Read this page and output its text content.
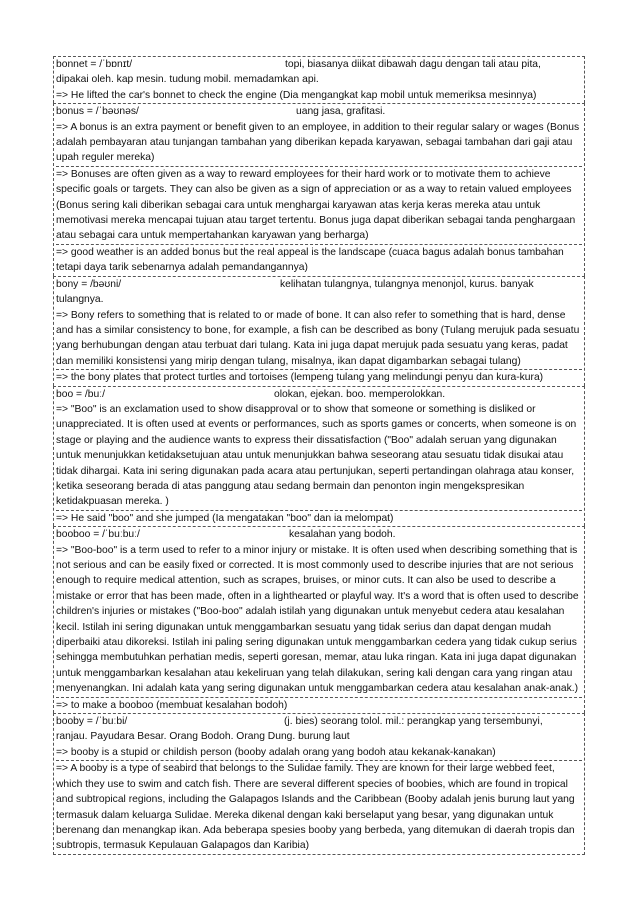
bonnet = /ˈbɒnɪt/	topi, biasanya diikat dibawah dagu dengan tali atau pita,
dipakai oleh. kap mesin. tudung mobil. memadamkan api.
=> He lifted the car's bonnet to check the engine (Dia mengangkat kap mobil untuk memeriksa mesinnya)
bonus = /ˈbəʊnəs/	uang jasa, grafitasi.
=> A bonus is an extra payment or benefit given to an employee, in addition to their regular salary or wages (Bonus adalah pembayaran atau tunjangan tambahan yang diberikan kepada karyawan, sebagai tambahan dari gaji atau upah reguler mereka)
=> Bonuses are often given as a way to reward employees for their hard work or to motivate them to achieve specific goals or targets. They can also be given as a sign of appreciation or as a way to retain valued employees (Bonus sering kali diberikan sebagai cara untuk menghargai karyawan atas kerja keras mereka atau untuk memotivasi mereka mencapai tujuan atau target tertentu. Bonus juga dapat diberikan sebagai tanda penghargaan atau sebagai cara untuk mempertahankan karyawan yang berharga)
=> good weather is an added bonus but the real appeal is the landscape (cuaca bagus adalah bonus tambahan tetapi daya tarik sebenarnya adalah pemandangannya)
bony = /bəʊni/	kelihatan tulangnya, tulangnya menonjol, kurus. banyak
tulangnya.
=> Bony refers to something that is related to or made of bone. It can also refer to something that is hard, dense and has a similar consistency to bone, for example, a fish can be described as bony (Tulang merujuk pada sesuatu yang berhubungan dengan atau terbuat dari tulang. Kata ini juga dapat merujuk pada sesuatu yang keras, padat dan memiliki konsistensi yang mirip dengan tulang, misalnya, ikan dapat digambarkan sebagai tulang)
=> the bony plates that protect turtles and tortoises (lempeng tulang yang melindungi penyu dan kura-kura)
boo = /buː/	olokan, ejekan. boo. memperolokkan.
=> "Boo" is an exclamation used to show disapproval or to show that someone or something is disliked or unappreciated. It is often used at events or performances, such as sports games or concerts, when someone is on stage or playing and the audience wants to express their dissatisfaction ("Boo" adalah seruan yang digunakan untuk menunjukkan ketidaksetujuan atau untuk menunjukkan bahwa seseorang atau sesuatu tidak disukai atau tidak dihargai. Kata ini sering digunakan pada acara atau pertunjukan, seperti pertandingan olahraga atau konser, ketika seseorang berada di atas panggung atau sedang bermain dan penonton ingin mengekspresikan ketidakpuasan mereka. )
=> He said "boo" and she jumped (Ia mengatakan "boo" dan ia melompat)
booboo = /ˈbuːbuː/	kesalahan yang bodoh.
=> "Boo-boo" is a term used to refer to a minor injury or mistake. It is often used when describing something that is not serious and can be easily fixed or corrected. It is most commonly used to describe injuries that are not serious enough to require medical attention, such as scrapes, bruises, or minor cuts. It can also be used to describe a mistake or error that has been made, often in a lighthearted or playful way. It's a word that is often used to describe children's injuries or mistakes ("Boo-boo" adalah istilah yang digunakan untuk menyebut cedera atau kesalahan kecil. Istilah ini sering digunakan untuk menggambarkan sesuatu yang tidak serius dan dapat dengan mudah diperbaiki atau dikoreksi. Istilah ini paling sering digunakan untuk menggambarkan cedera yang tidak cukup serius sehingga membutuhkan perhatian medis, seperti goresan, memar, atau luka ringan. Kata ini juga dapat digunakan untuk menggambarkan kesalahan atau kekeliruan yang telah dilakukan, sering kali dengan cara yang ringan atau menyenangkan. Ini adalah kata yang sering digunakan untuk menggambarkan cedera atau kesalahan anak-anak.)
=> to make a booboo (membuat kesalahan bodoh)
booby = /ˈbuːbi/	(j. bies) seorang tolol. mil.: perangkap yang tersembunyi,
ranjau. Payudara Besar. Orang Bodoh. Orang Dung. burung laut
=> booby is a stupid or childish person (booby adalah orang yang bodoh atau kekanak-kanakan)
=> A booby is a type of seabird that belongs to the Sulidae family. They are known for their large webbed feet, which they use to swim and catch fish. There are several different species of boobies, which are found in tropical and subtropical regions, including the Galapagos Islands and the Caribbean (Booby adalah jenis burung laut yang termasuk dalam keluarga Sulidae. Mereka dikenal dengan kaki berselaput yang besar, yang digunakan untuk berenang dan menangkap ikan. Ada beberapa spesies booby yang berbeda, yang ditemukan di daerah tropis dan subtropis, termasuk Kepulauan Galapagos dan Karibia)
